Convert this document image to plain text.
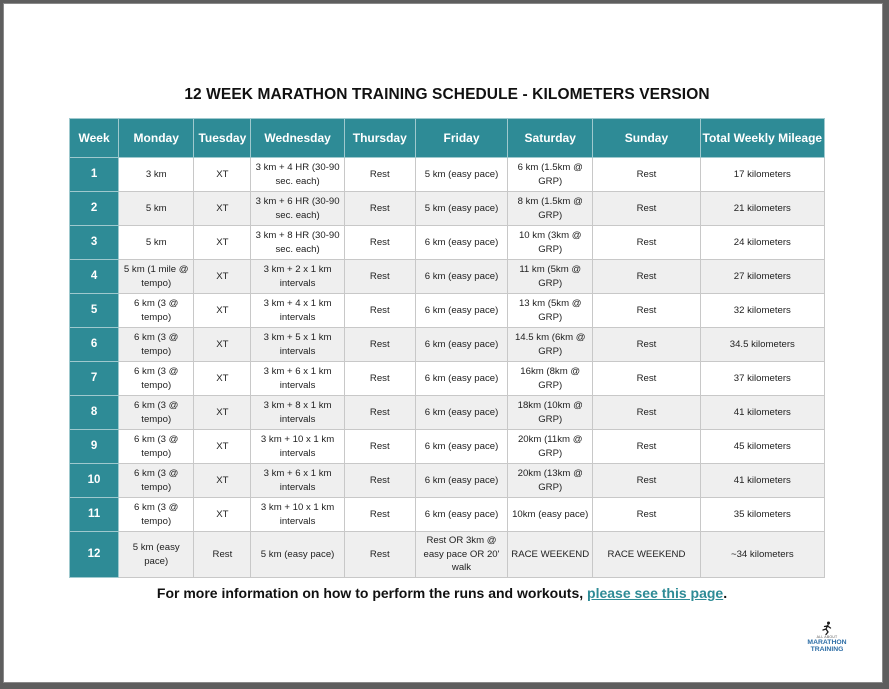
12 WEEK MARATHON TRAINING SCHEDULE - KILOMETERS VERSION
Week	Monday	Tuesday	Wednesday	Thursday	Friday	Saturday	Sunday	Total Weekly Mileage
1	3 km	XT	3 km + 4 HR (30-90 sec. each)	Rest	5 km (easy pace)	6 km (1.5km @ GRP)	Rest	17 kilometers
2	5 km	XT	3 km + 6 HR (30-90 sec. each)	Rest	5 km (easy pace)	8 km (1.5km @ GRP)	Rest	21 kilometers
3	5 km	XT	3 km + 8 HR (30-90 sec. each)	Rest	6 km (easy pace)	10 km (3km @ GRP)	Rest	24 kilometers
4	5 km (1 mile @ tempo)	XT	3 km + 2 x 1 km intervals	Rest	6 km (easy pace)	11 km (5km @ GRP)	Rest	27 kilometers
5	6 km (3 @ tempo)	XT	3 km + 4 x 1 km intervals	Rest	6 km (easy pace)	13 km (5km @ GRP)	Rest	32 kilometers
6	6 km (3 @ tempo)	XT	3 km + 5 x 1 km intervals	Rest	6 km (easy pace)	14.5 km (6km @ GRP)	Rest	34.5 kilometers
7	6 km (3 @ tempo)	XT	3 km + 6 x 1 km intervals	Rest	6 km (easy pace)	16km (8km @ GRP)	Rest	37 kilometers
8	6 km (3 @ tempo)	XT	3 km + 8 x 1 km intervals	Rest	6 km (easy pace)	18km (10km @ GRP)	Rest	41 kilometers
9	6 km (3 @ tempo)	XT	3 km + 10 x 1 km intervals	Rest	6 km (easy pace)	20km (11km @ GRP)	Rest	45 kilometers
10	6 km (3 @ tempo)	XT	3 km + 6 x 1 km intervals	Rest	6 km (easy pace)	20km (13km @ GRP)	Rest	41 kilometers
11	6 km (3 @ tempo)	XT	3 km + 10 x 1 km intervals	Rest	6 km (easy pace)	10km (easy pace)	Rest	35 kilometers
12	5 km (easy pace)	Rest	5 km (easy pace)	Rest	Rest OR 3km @ easy pace OR 20' walk	RACE WEEKEND	RACE WEEKEND	~34 kilometers
For more information on how to perform the runs and workouts, please see this page.
ALL ABOUT
MARATHON
TRAINING
